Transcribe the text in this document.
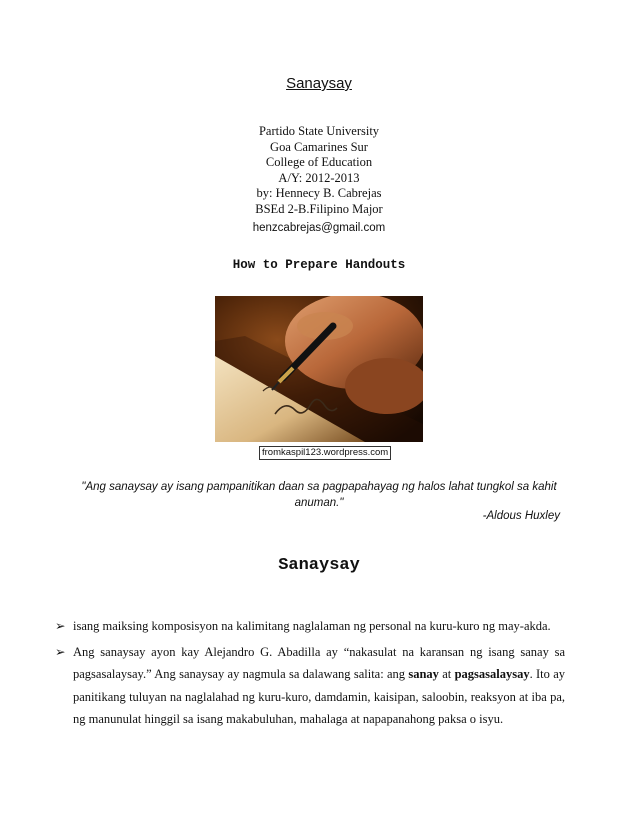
Sanaysay
Partido State University
Goa Camarines Sur
College of Education
A/Y: 2012-2013
by: Hennecy B. Cabrejas
BSEd 2-B.Filipino Major
henzcabrejas@gmail.com
How to Prepare Handouts
fromkaspil123.wordpress.com
"Ang sanaysay ay isang pampanitikan daan sa pagpapahayag ng halos lahat tungkol sa kahit anuman."
-Aldous Huxley
Sanaysay
➢ isang maiksing komposisyon na kalimitang naglalaman ng personal na kuru-kuro ng may-akda.
➢ Ang sanaysay ayon kay Alejandro G. Abadilla ay “nakasulat na karansan ng isang sanay sa pagsasalaysay.” Ang sanaysay ay nagmula sa dalawang salita: ang sanay at pagsasalaysay. Ito ay panitikang tuluyan na naglalahad ng kuru-kuro, damdamin, kaisipan, saloobin, reaksyon at iba pa, ng manunulat hinggil sa isang makabuluhan, mahalaga at napapanahong paksa o isyu.
